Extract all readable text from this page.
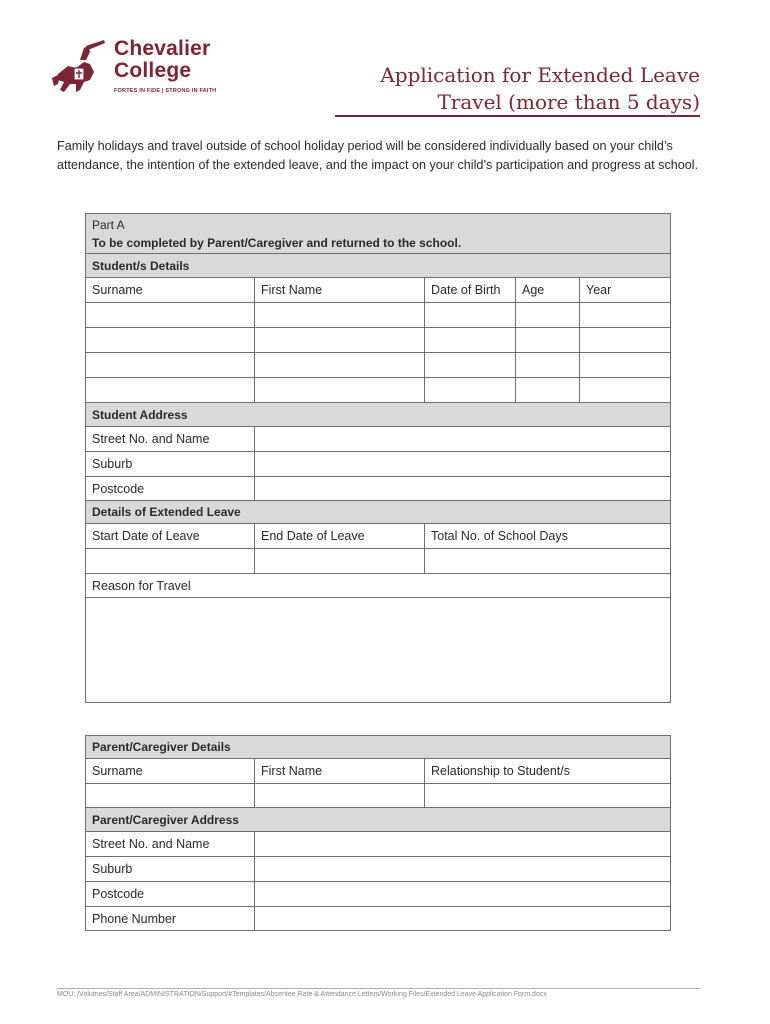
Chevalier
College
FORTES IN FIDE | STRONG IN FAITH
Application for Extended Leave
Travel (more than 5 days)
Family holidays and travel outside of school holiday period will be considered individually based on your child’s attendance, the intention of the extended leave, and the impact on your child’s participation and progress at school.
Part A
To be completed by Parent/Caregiver and returned to the school.				

Student/s Details				
Surname	First Name	Date of Birth	Age	Year

Student Address				
Street No. and Name				
Suburb				
Postcode				
Details of Extended Leave				
Start Date of Leave	End Date of Leave	Total No. of School Days		

Reason for Travel				

Parent/Caregiver Details		
Surname	First Name	Relationship to Student/s

Parent/Caregiver Address		
Street No. and Name		
Suburb		
Postcode		
Phone Number		
MOU: /Volumes/Staff Area/ADMINISTRATION/Support/#Templates/Absentee Rate & Attendance Letters/Working Files/Extended Leave Application Form.docx
